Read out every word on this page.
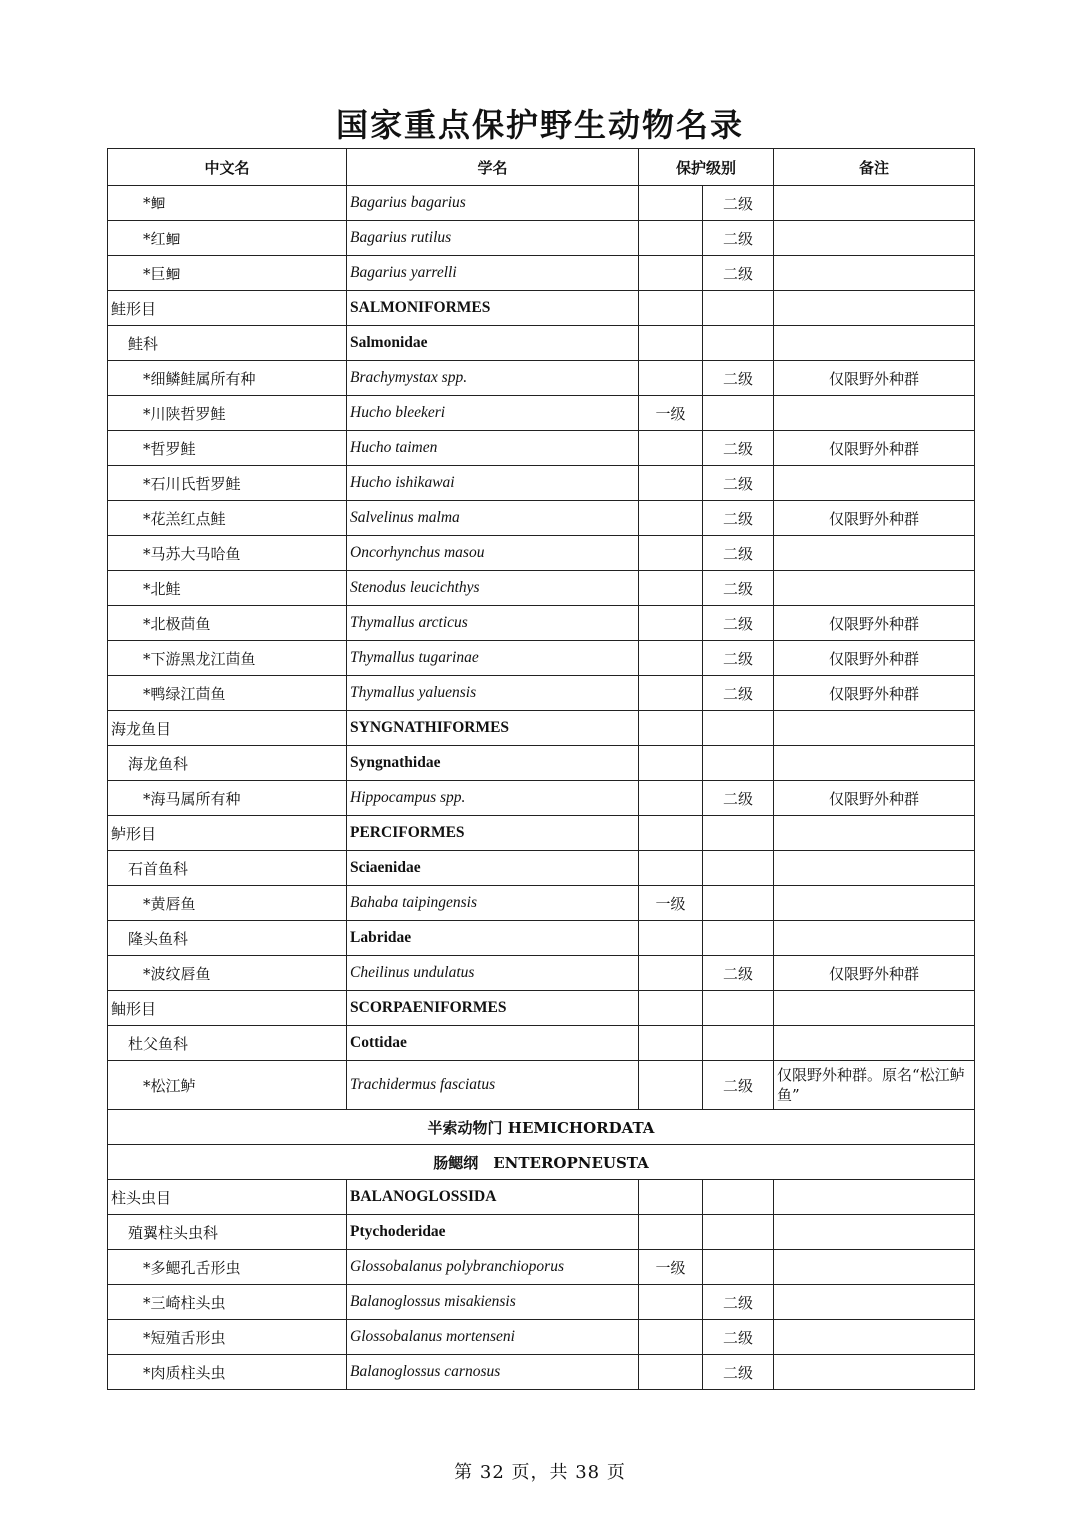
国家重点保护野生动物名录
中文名	学名	保护级别		备注
*𫚔	Bagarius bagarius		二级	
*红𫚔	Bagarius rutilus		二级	
*巨𫚔	Bagarius yarrelli		二级	
鲑形目	SALMONIFORMES			
鲑科	Salmonidae			
*细鳞鲑属所有种	Brachymystax spp.		二级	仅限野外种群
*川陕哲罗鲑	Hucho bleekeri	一级		
*哲罗鲑	Hucho taimen		二级	仅限野外种群
*石川氏哲罗鲑	Hucho ishikawai		二级	
*花羔红点鲑	Salvelinus malma		二级	仅限野外种群
*马苏大马哈鱼	Oncorhynchus masou		二级	
*北鲑	Stenodus leucichthys		二级	
*北极茴鱼	Thymallus arcticus		二级	仅限野外种群
*下游黑龙江茴鱼	Thymallus tugarinae		二级	仅限野外种群
*鸭绿江茴鱼	Thymallus yaluensis		二级	仅限野外种群
海龙鱼目	SYNGNATHIFORMES			
海龙鱼科	Syngnathidae			
*海马属所有种	Hippocampus spp.		二级	仅限野外种群
鲈形目	PERCIFORMES			
石首鱼科	Sciaenidae			
*黄唇鱼	Bahaba taipingensis	一级		
隆头鱼科	Labridae			
*波纹唇鱼	Cheilinus undulatus		二级	仅限野外种群
鲉形目	SCORPAENIFORMES			
杜父鱼科	Cottidae			
*松江鲈	Trachidermus fasciatus		二级	仅限野外种群。原名“松江鲈鱼”
半索动物门 HEMICHORDATA				
肠鳃纲　ENTEROPNEUSTA				
柱头虫目	BALANOGLOSSIDA			
殖翼柱头虫科	Ptychoderidae			
*多鳃孔舌形虫	Glossobalanus polybranchioporus	一级		
*三崎柱头虫	Balanoglossus misakiensis		二级	
*短殖舌形虫	Glossobalanus mortenseni		二级	
*肉质柱头虫	Balanoglossus carnosus		二级	
第 32 页，共 38 页
